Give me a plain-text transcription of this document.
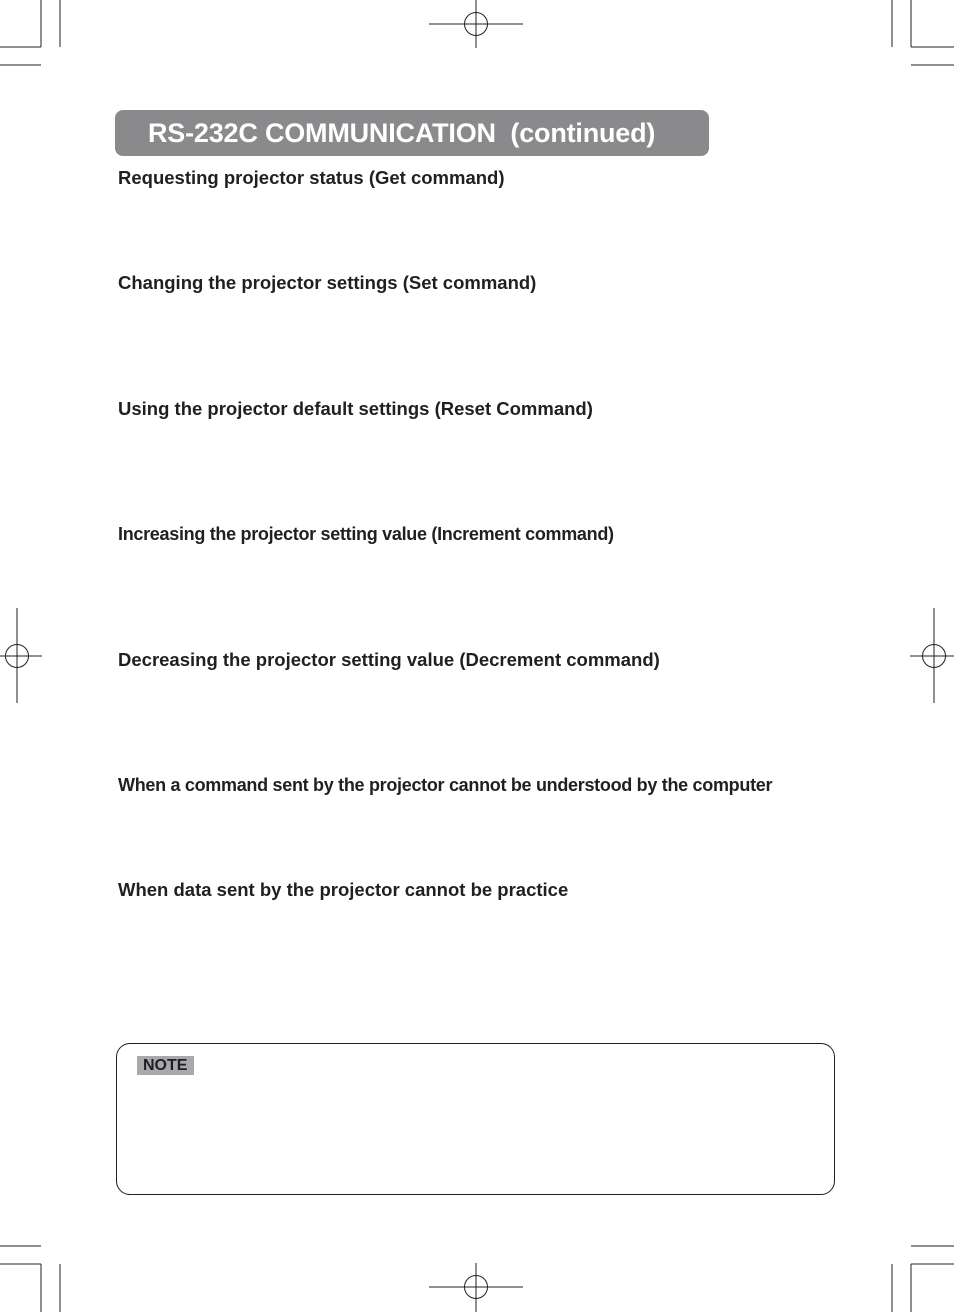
RS-232C COMMUNICATION  (continued)
Requesting projector status (Get command)
Changing the projector settings (Set command)
Using the projector default settings (Reset Command)
Increasing the projector setting value (Increment command)
Decreasing the projector setting value (Decrement command)
When a command sent by the projector cannot be understood by the computer
When data sent by the projector cannot be practice
NOTE
